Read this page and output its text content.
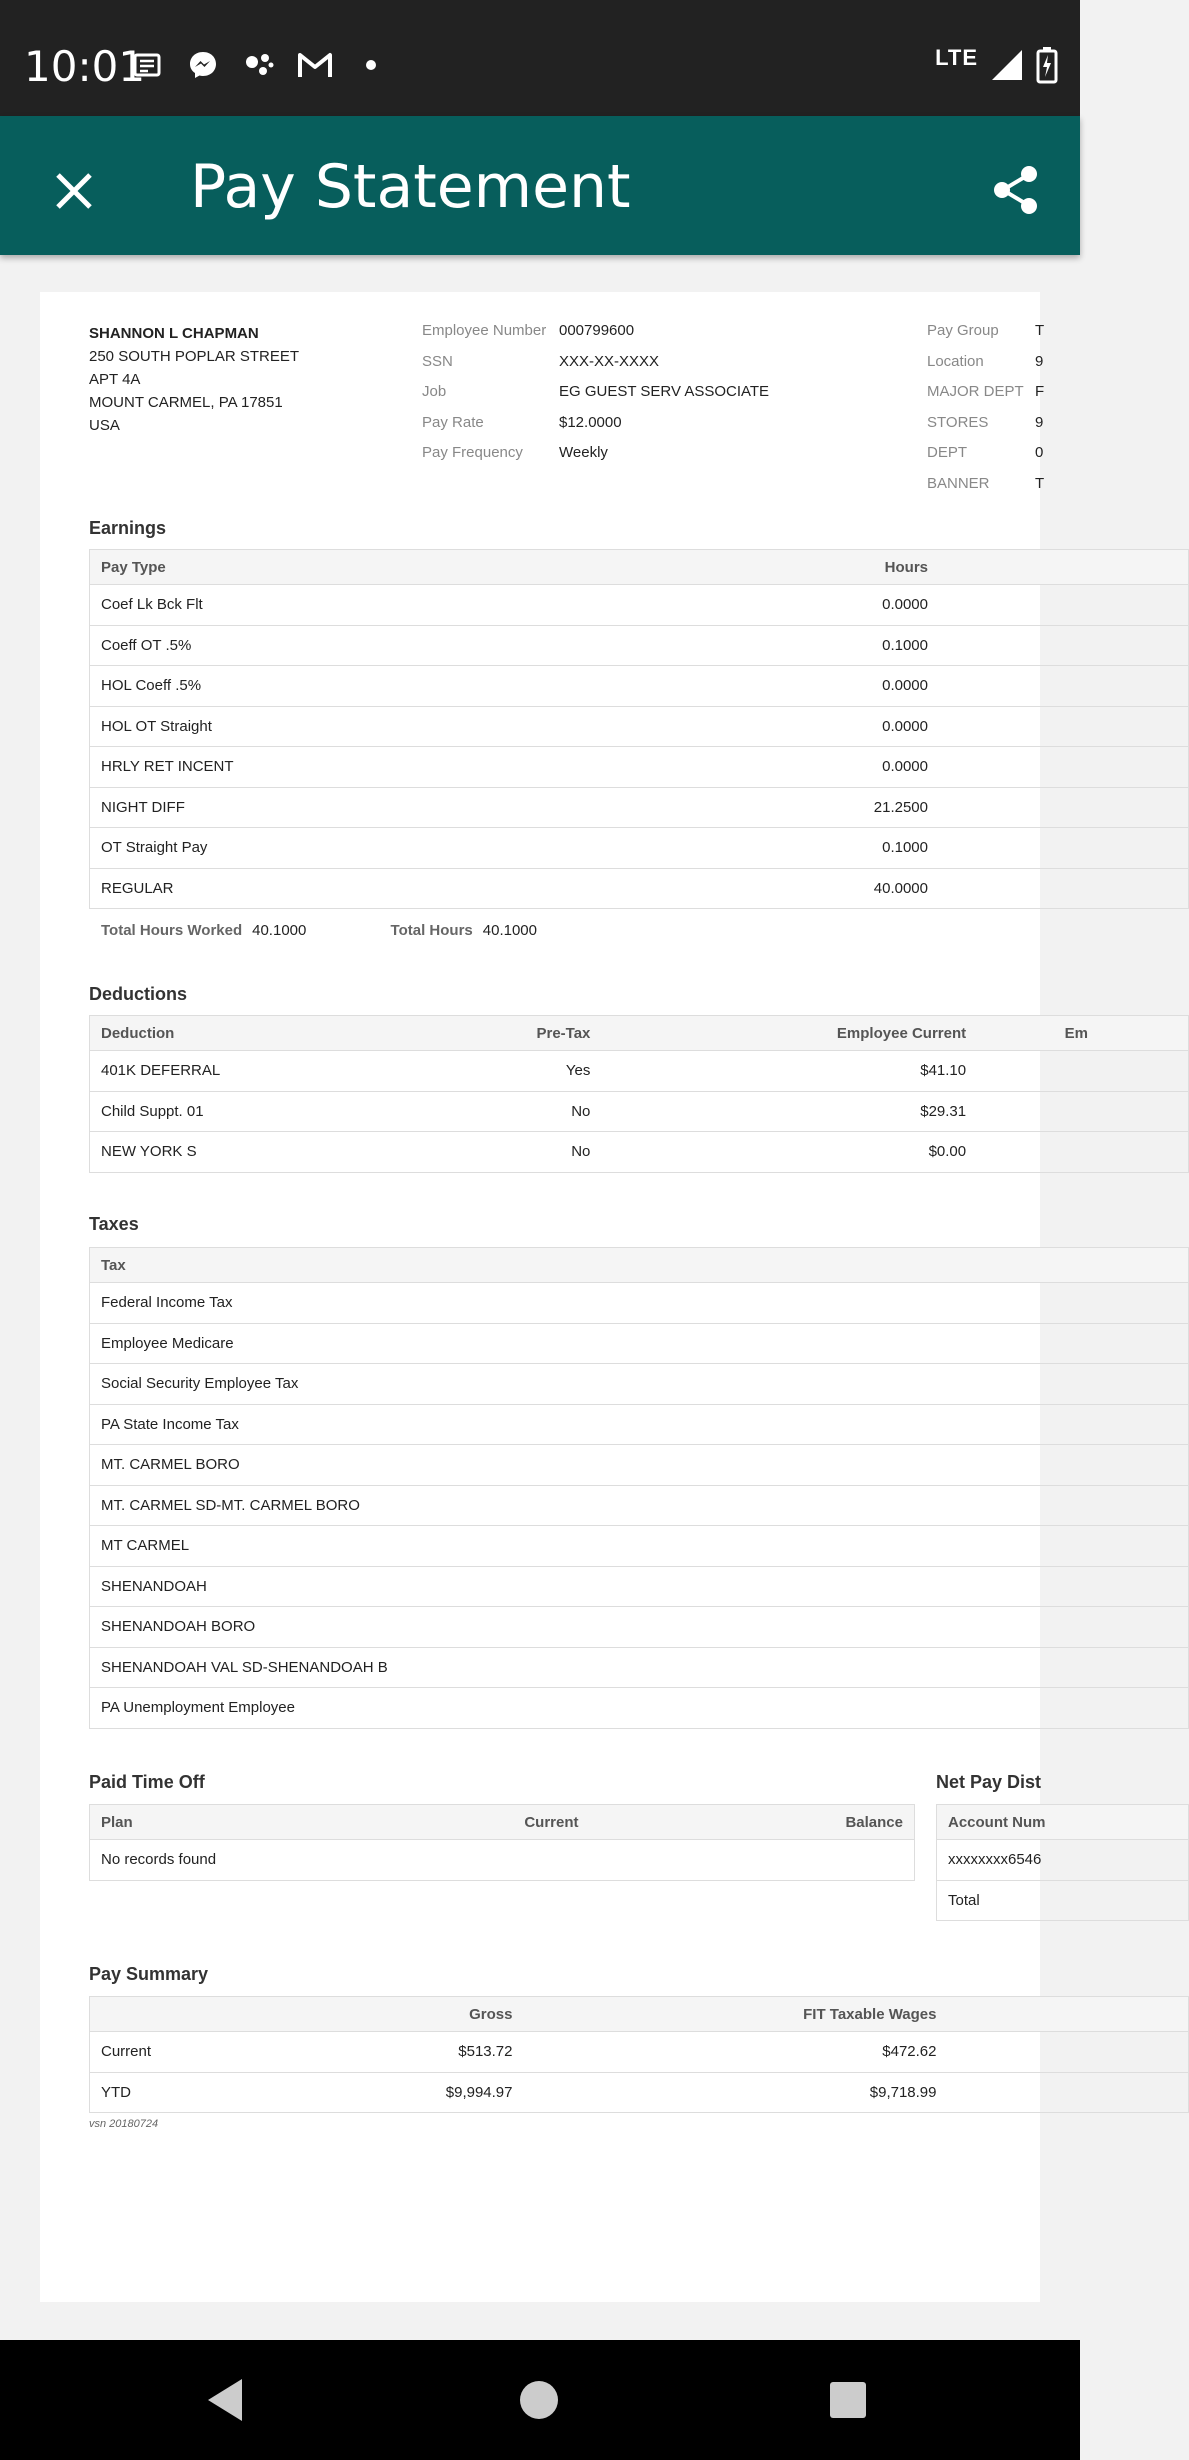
10:01	LTE
Pay Statement
SHANNON L CHAPMAN
250 SOUTH POPLAR STREET
APT 4A
MOUNT CARMEL, PA 17851
USA
Employee Number 000799600
SSN	XXX-XX-XXXX
Job	EG GUEST SERV ASSOCIATE
Pay Rate	$12.0000
Pay Frequency	Weekly
Pay Group	T
Location	9
MAJOR DEPT F
STORES	9
DEPT	0
BANNER	T
Earnings
Pay Type	Hours
Coef Lk Bck Flt	0.0000
Coeff OT .5%	0.1000
HOL Coeff .5%	0.0000
HOL OT Straight	0.0000
HRLY RET INCENT	0.0000
NIGHT DIFF	21.2500
OT Straight Pay	0.1000
REGULAR	40.0000
Total Hours Worked 40.1000	Total Hours 40.1000
Deductions
Deduction	Pre-Tax	Employee Current	Em
401K DEFERRAL	Yes	$41.10	
Child Suppt. 01	No	$29.31	
NEW YORK S	No	$0.00	
Taxes
Tax
Federal Income Tax
Employee Medicare
Social Security Employee Tax
PA State Income Tax
MT. CARMEL BORO
MT. CARMEL SD-MT. CARMEL BORO
MT CARMEL
SHENANDOAH
SHENANDOAH BORO
SHENANDOAH VAL SD-SHENANDOAH B
PA Unemployment Employee
Paid Time Off
Plan	Current	Balance
No records found
Net Pay Dist
Account Num
xxxxxxxx6546
Total
Pay Summary
	Gross	FIT Taxable Wages	
Current	$513.72	$472.62	
YTD	$9,994.97	$9,718.99	
vsn 20180724
